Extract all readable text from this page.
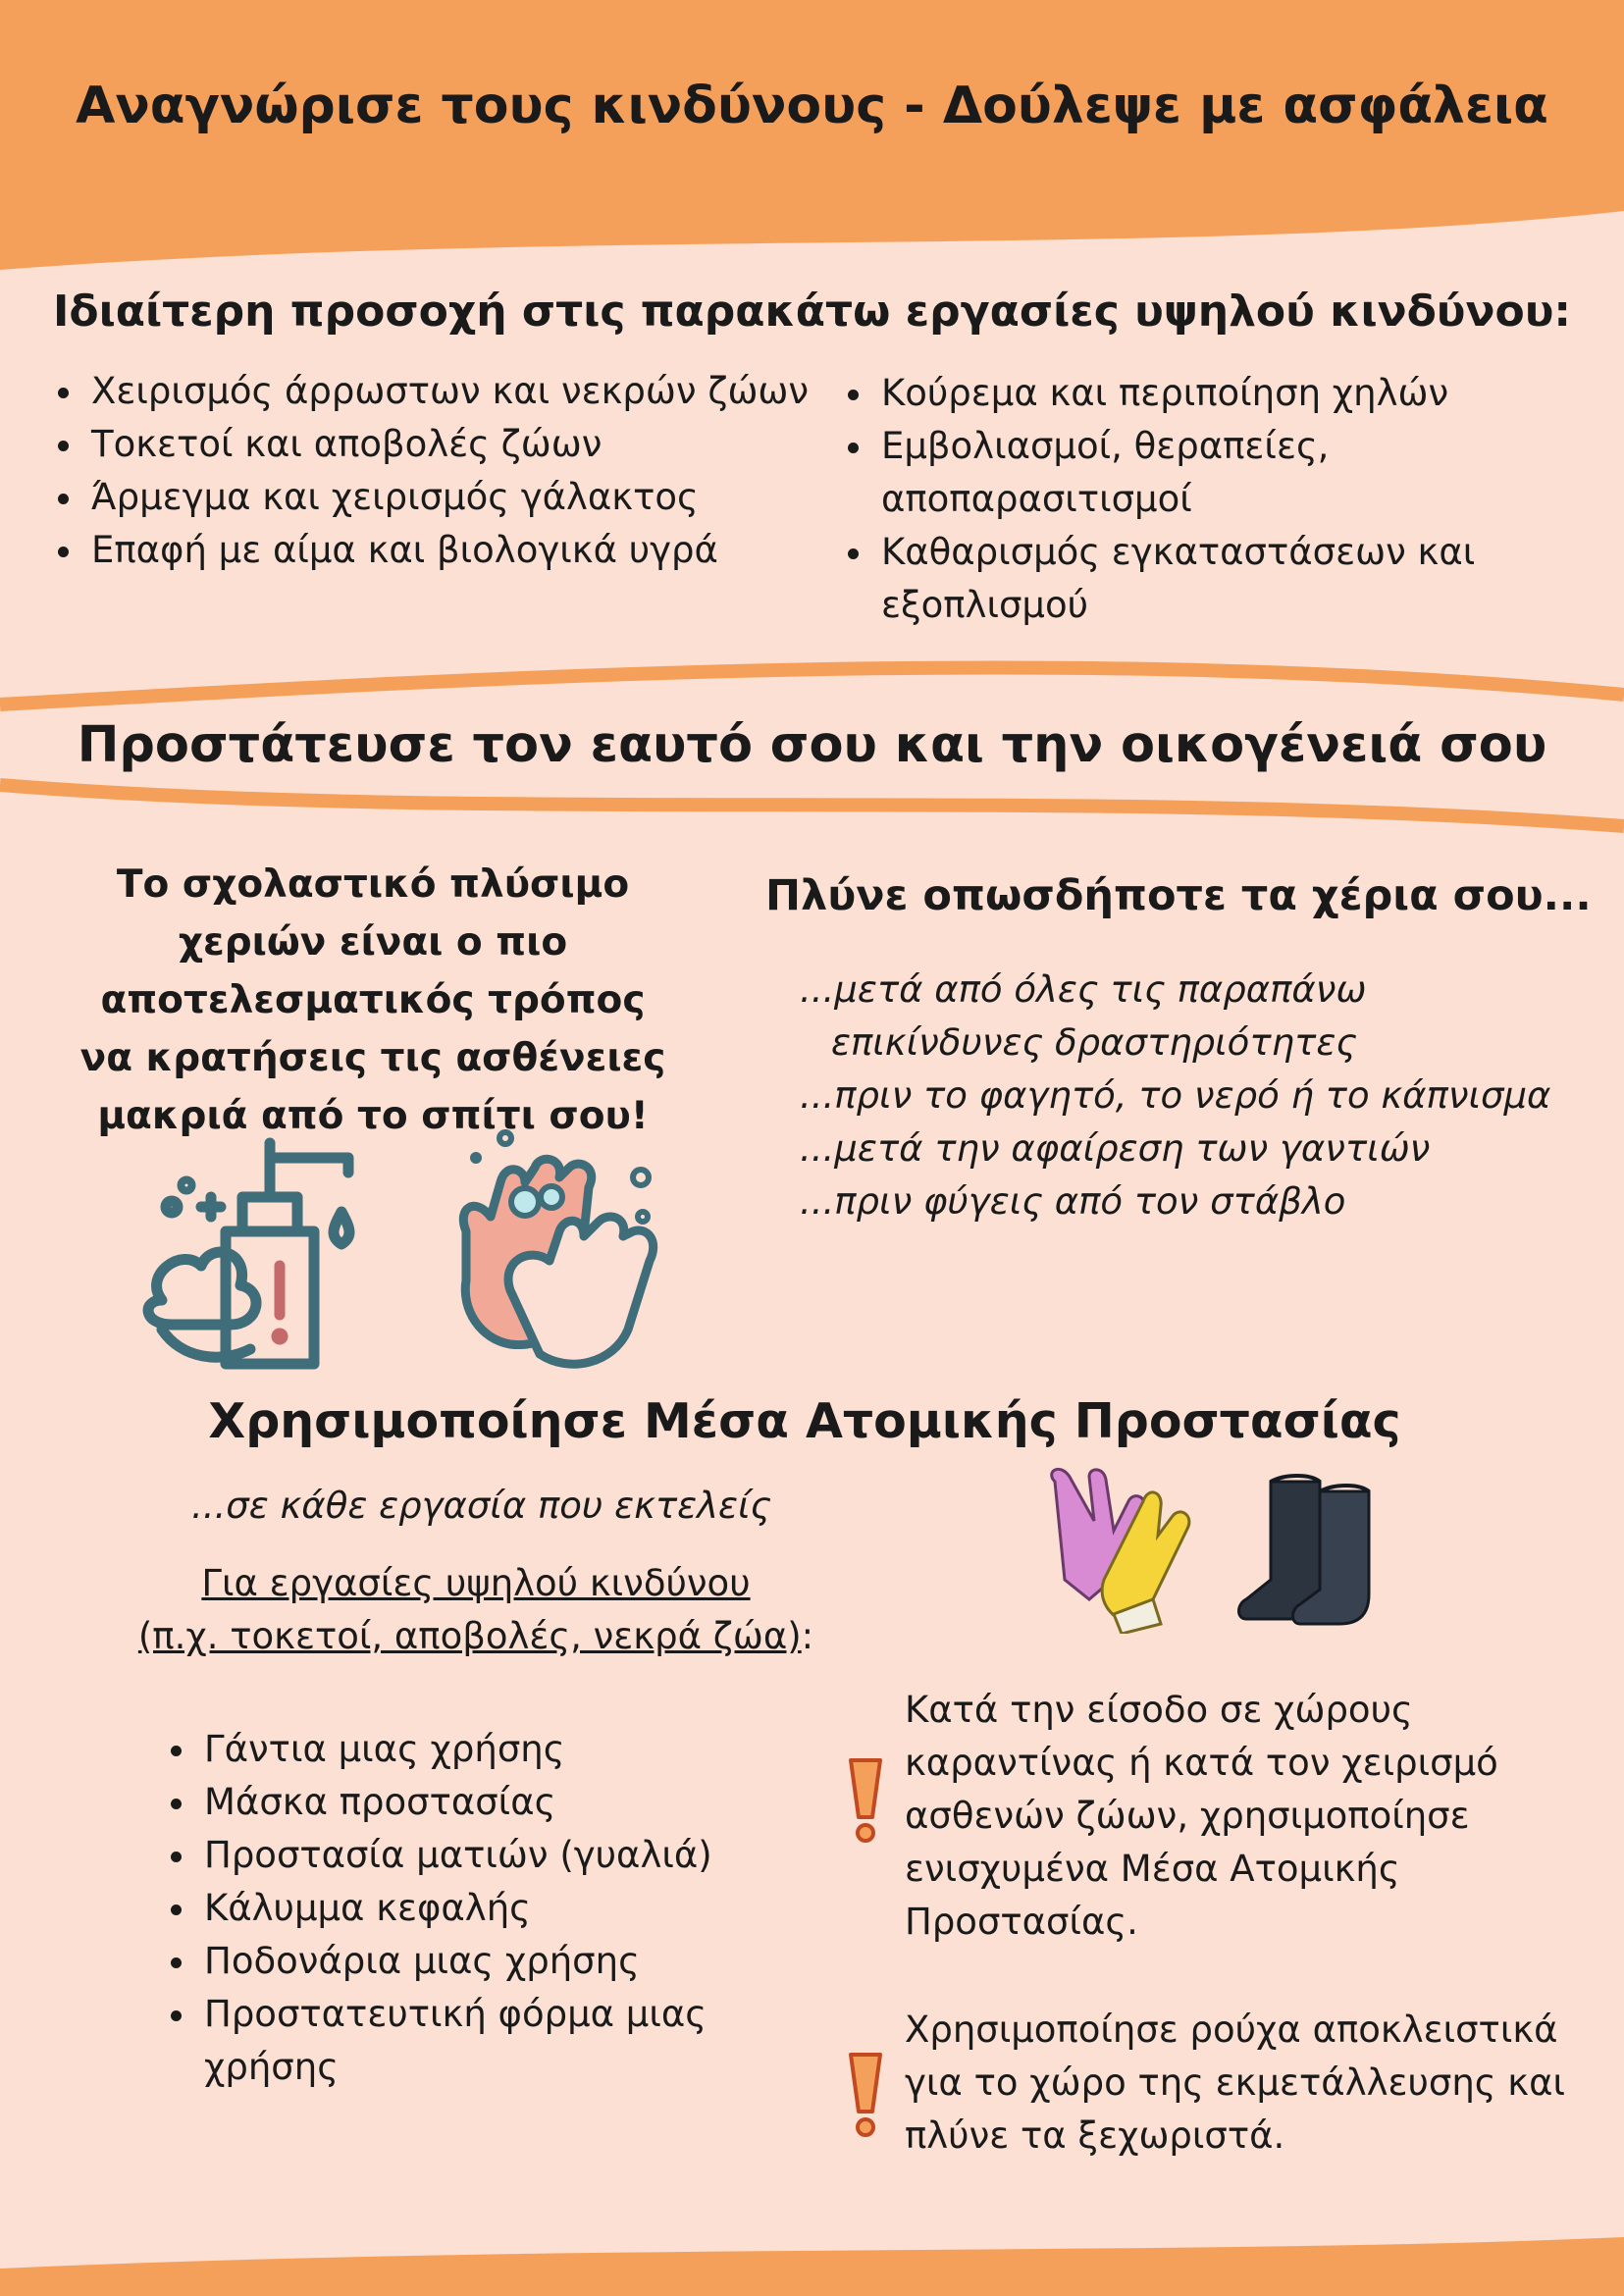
Αναγνώρισε τους κινδύνους - Δούλεψε με ασφάλεια
Ιδιαίτερη προσοχή στις παρακάτω εργασίες υψηλού κινδύνου:
Χειρισμός άρρωστων και νεκρών ζώων
Τοκετοί και αποβολές ζώων
Άρμεγμα και χειρισμός γάλακτος
Επαφή με αίμα και βιολογικά υγρά
Κούρεμα και περιποίηση χηλών
Εμβολιασμοί, θεραπείες, αποπαρασιτισμοί
Καθαρισμός εγκαταστάσεων και εξοπλισμού
Προστάτευσε τον εαυτό σου και την οικογένειά σου
Το σχολαστικό πλύσιμο χεριών είναι ο πιο αποτελεσματικός τρόπος να κρατήσεις τις ασθένειες μακριά από το σπίτι σου!
Πλύνε οπωσδήποτε τα χέρια σου...
...μετά από όλες τις παραπάνω επικίνδυνες δραστηριότητες
...πριν το φαγητό, το νερό ή το κάπνισμα
...μετά την αφαίρεση των γαντιών
...πριν φύγεις από τον στάβλο
Χρησιμοποίησε Μέσα Ατομικής Προστασίας
...σε κάθε εργασία που εκτελείς
Για εργασίες υψηλού κινδύνου
(π.χ. τοκετοί, αποβολές, νεκρά ζώα):
Γάντια μιας χρήσης
Μάσκα προστασίας
Προστασία ματιών (γυαλιά)
Κάλυμμα κεφαλής
Ποδονάρια μιας χρήσης
Προστατευτική φόρμα μιας χρήσης
Κατά την είσοδο σε χώρους καραντίνας ή κατά τον χειρισμό ασθενών ζώων, χρησιμοποίησε ενισχυμένα Μέσα Ατομικής Προστασίας.
Χρησιμοποίησε ρούχα αποκλειστικά για το χώρο της εκμετάλλευσης και πλύνε τα ξεχωριστά.
